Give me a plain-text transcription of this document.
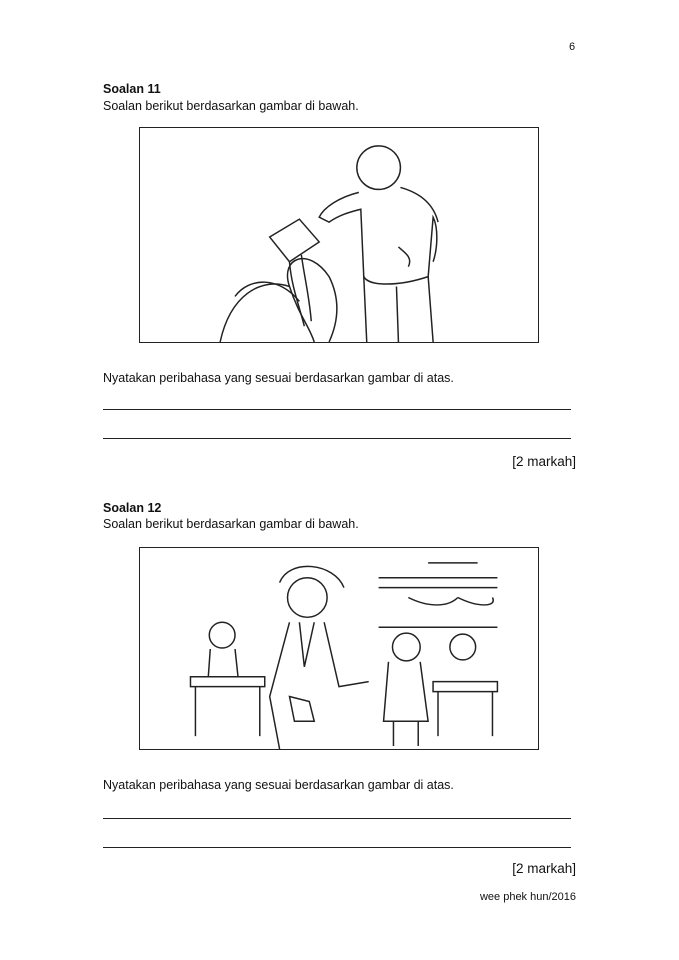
6
Soalan 11
Soalan berikut berdasarkan gambar di bawah.
Nyatakan peribahasa yang sesuai berdasarkan gambar di atas.
[2 markah]
Soalan 12
Soalan berikut berdasarkan gambar di bawah.
Nyatakan peribahasa yang sesuai berdasarkan gambar di atas.
[2 markah]
wee phek hun/2016
